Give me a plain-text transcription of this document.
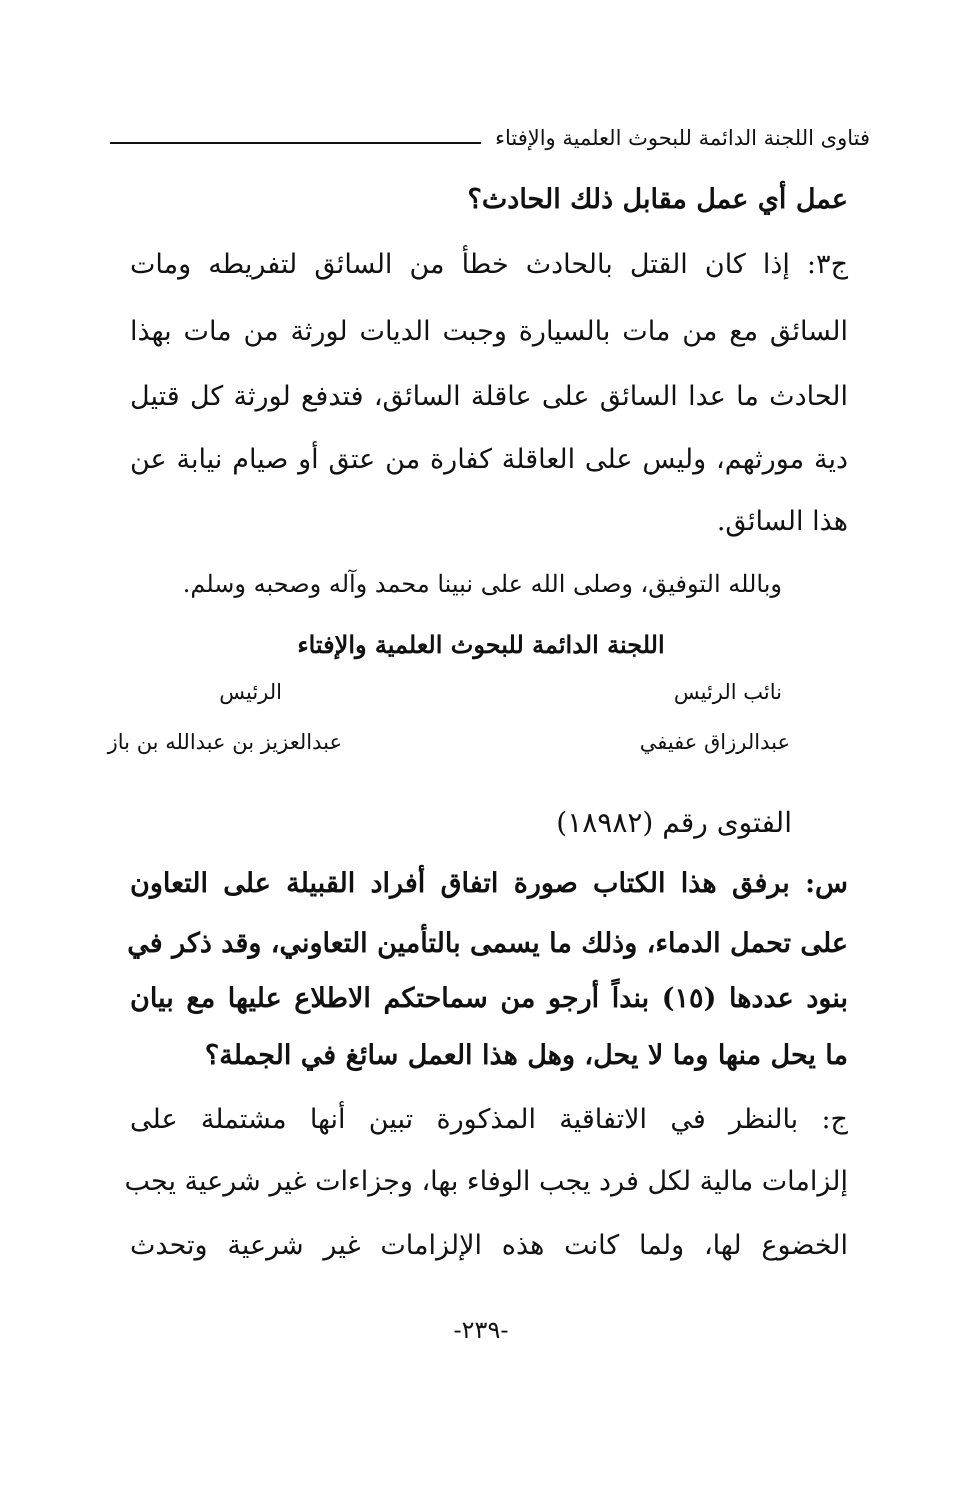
فتاوى اللجنة الدائمة للبحوث العلمية والإفتاء
عمل أي عمل مقابل ذلك الحادث؟
ج٣: إذا كان القتل بالحادث خطأ من السائق لتفريطه ومات
السائق مع من مات بالسيارة وجبت الديات لورثة من مات بهذا
الحادث ما عدا السائق على عاقلة السائق، فتدفع لورثة كل قتيل
دية مورثهم، وليس على العاقلة كفارة من عتق أو صيام نيابة عن
هذا السائق.
وبالله التوفيق، وصلى الله على نبينا محمد وآله وصحبه وسلم.
اللجنة الدائمة للبحوث العلمية والإفتاء
نائب الرئيس
الرئيس
عبدالرزاق عفيفي
عبدالعزيز بن عبدالله بن باز
الفتوى رقم (١٨٩٨٢)
س: برفق هذا الكتاب صورة اتفاق أفراد القبيلة على التعاون
على تحمل الدماء، وذلك ما يسمى بالتأمين التعاوني، وقد ذكر في
بنود عددها (١٥) بنداً أرجو من سماحتكم الاطلاع عليها مع بيان
ما يحل منها وما لا يحل، وهل هذا العمل سائغ في الجملة؟
ج: بالنظر في الاتفاقية المذكورة تبين أنها مشتملة على
إلزامات مالية لكل فرد يجب الوفاء بها، وجزاءات غير شرعية يجب
الخضوع لها، ولما كانت هذه الإلزامات غير شرعية وتحدث
-٢٣٩-
